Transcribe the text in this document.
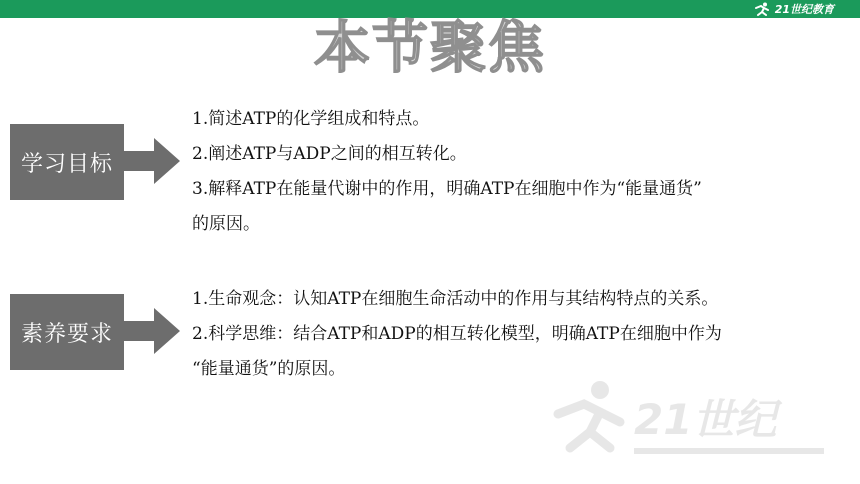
21世纪教育
本节聚焦
学习目标

1.简述ATP的化学组成和特点。

2.阐述ATP与ADP之间的相互转化。

3.解释ATP在能量代谢中的作用，明确ATP在细胞中作为“能量通货”

的原因。

素养要求

1.生命观念：认知ATP在细胞生命活动中的作用与其结构特点的关系。

2.科学思维：结合ATP和ADP的相互转化模型，明确ATP在细胞中作为

“能量通货”的原因。

21世纪
